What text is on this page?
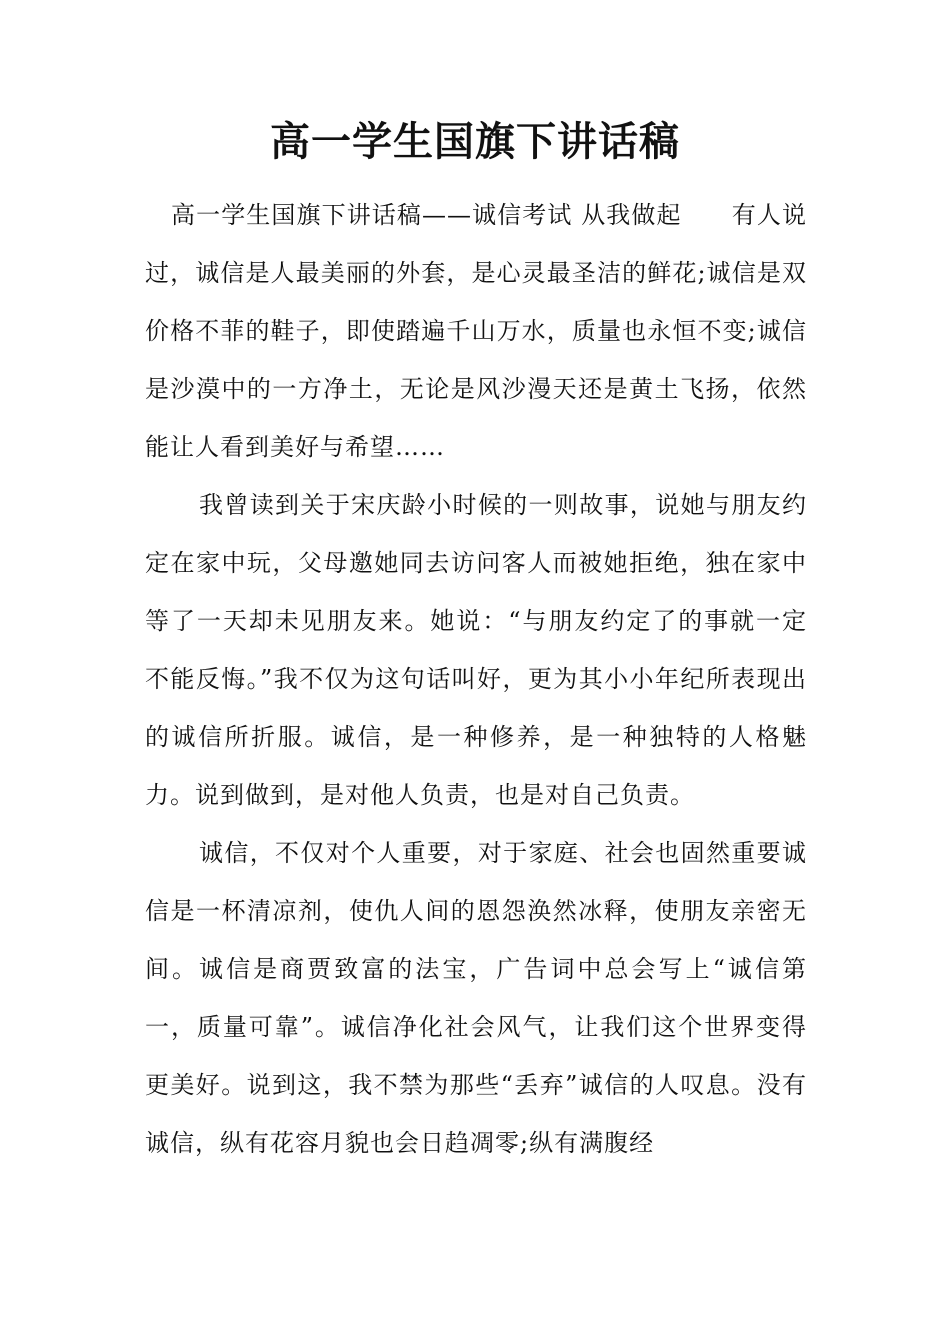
高一学生国旗下讲话稿

高一学生国旗下讲话稿——诚信考试 从我做起　　有人说过，诚信是人最美丽的外套，是心灵最圣洁的鲜花;诚信是双价格不菲的鞋子，即使踏遍千山万水，质量也永恒不变;诚信是沙漠中的一方净土，无论是风沙漫天还是黄土飞扬，依然能让人看到美好与希望……

我曾读到关于宋庆龄小时候的一则故事，说她与朋友约定在家中玩，父母邀她同去访问客人而被她拒绝，独在家中等了一天却未见朋友来。她说：“与朋友约定了的事就一定不能反悔。”我不仅为这句话叫好，更为其小小年纪所表现出的诚信所折服。诚信，是一种修养，是一种独特的人格魅力。说到做到，是对他人负责，也是对自己负责。

诚信，不仅对个人重要，对于家庭、社会也固然重要诚信是一杯清凉剂，使仇人间的恩怨涣然冰释，使朋友亲密无间。诚信是商贾致富的法宝，广告词中总会写上“诚信第一，质量可靠”。诚信净化社会风气，让我们这个世界变得更美好。说到这，我不禁为那些“丢弃”诚信的人叹息。没有诚信，纵有花容月貌也会日趋凋零;纵有满腹经
